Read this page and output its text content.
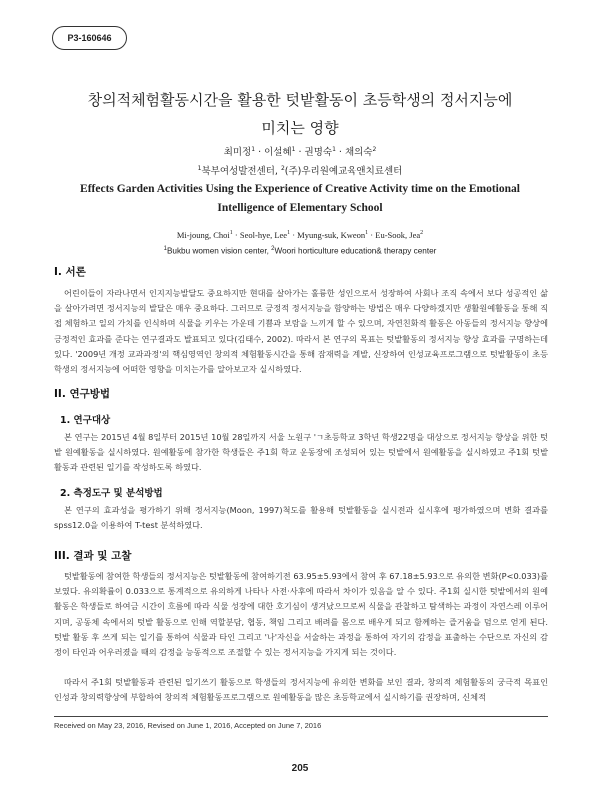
P3-160646
창의적체험활동시간을 활용한 텃밭활동이 초등학생의 정서지능에
미치는 영향
최미정$^1$ · 이설혜$^1$ · 권명숙$^1$ · 채의숙$^2$
$^1$북부여성발전센터, $^2$(주)우리원예교육앤치료센터
Effects Garden Activities Using the Experience of Creative Activity time on the Emotional
Intelligence of Elementary School
Mi-joung, Choi$^1$ · Seol-hye, Lee$^1$ · Myung-suk, Kweon$^1$ · Eu-Sook, Jea$^2$
$^1$Bukbu women vision center, $^2$Woori horticulture education& therapy center
I. 서론
어린이들이 자라나면서 인지지능발달도 중요하지만 현대를 살아가는 훌륭한 성인으로서 성장하여 사회나 조직 속에서 보다 성공적인 삶을 살아가려면 정서지능의 발달은 매우 중요하다. 그러므로 긍정적 정서지능을 함양하는 방법은 매우 다양하겠지만 생활원예활동을 통해 직접 체험하고 일의 가치를 인식하며 식물을 키우는 가운데 기쁨과 보람을 느끼게 할 수 있으며, 자연친화적 활동은 아동들의 정서지능 향상에 긍정적인 효과를 준다는 연구결과도 발표되고 있다(김태수, 2002). 따라서 본 연구의 목표는 텃밭활동의 정서지능 향상 효과를 구명하는데 있다. '2009년 개정 교과과정'의 핵심영역인 창의적 체험활동시간을 통해 잠재력을 계발, 신장하여 인성교육프로그램으로 텃밭활동이 초등학생의 정서지능에 어떠한 영향을 미치는가를 알아보고자 실시하였다.
II. 연구방법
1. 연구대상
본 연구는 2015년 4월 8일부터 2015년 10월 28일까지 서울 노원구 'ㄱ초등학교 3학년 학생22명을 대상으로 정서지능 향상을 위한 텃밭 원예활동을 실시하였다. 원예활동에 참가한 학생들은 주1회 학교 운동장에 조성되어 있는 텃밭에서 원예활동을 실시하였고 주1회 텃밭활동과 관련된 일기를 작성하도록 하였다.
2. 측정도구 및 분석방법
본 연구의 효과성을 평가하기 위해 정서지능(Moon, 1997)척도를 활용해 텃밭활동을 실시전과 실시후에 평가하였으며 변화 결과를 spss12.0을 이용하여 T-test 분석하였다.
III. 결과 및 고찰
텃밭활동에 참여한 학생들의 정서지능은 텃밭활동에 참여하기전 63.95±5.93에서 참여 후 67.18±5.93으로 유의한 변화(P<0.033)를 보였다. 유의확률이 0.033으로 통계적으로 유의하게 나타나 사전·사후에 따라서 차이가 있음을 알 수 있다. 주1회 실시한 텃밭에서의 원예활동은 학생들로 하여금 시간이 흐름에 따라 식물 성장에 대한 호기심이 생겨났으므로써 식물을 관찰하고 탐색하는 과정이 자연스레 이루어지며, 공동체 속에서의 텃밭 활동으로 인해 역할분담, 협동, 책임 그리고 배려를 몸으로 배우게 되고 함께하는 즐거움을 덤으로 얻게 된다. 텃밭 활동 후 쓰게 되는 일기를 통하여 식물과 타인 그리고 '나'자신을 서술하는 과정을 통하여 자기의 감정을 표출하는 수단으로 자신의 감정이 타인과 어우러졌을 때의 감정을 능동적으로 조절할 수 있는 정서지능을 가지게 되는 것이다.
따라서 주1회 텃밭활동과 관련된 일기쓰기 활동으로 학생들의 정서지능에 유의한 변화를 보인 결과, 창의적 체험활동의 궁극적 목표인 인성과 창의력향상에 부합하여 창의적 체험활동프로그램으로 원예활동을 많은 초등학교에서 실시하기를 권장하며, 신체적
Received on May 23, 2016, Revised on June 1, 2016, Accepted on June 7, 2016
205
